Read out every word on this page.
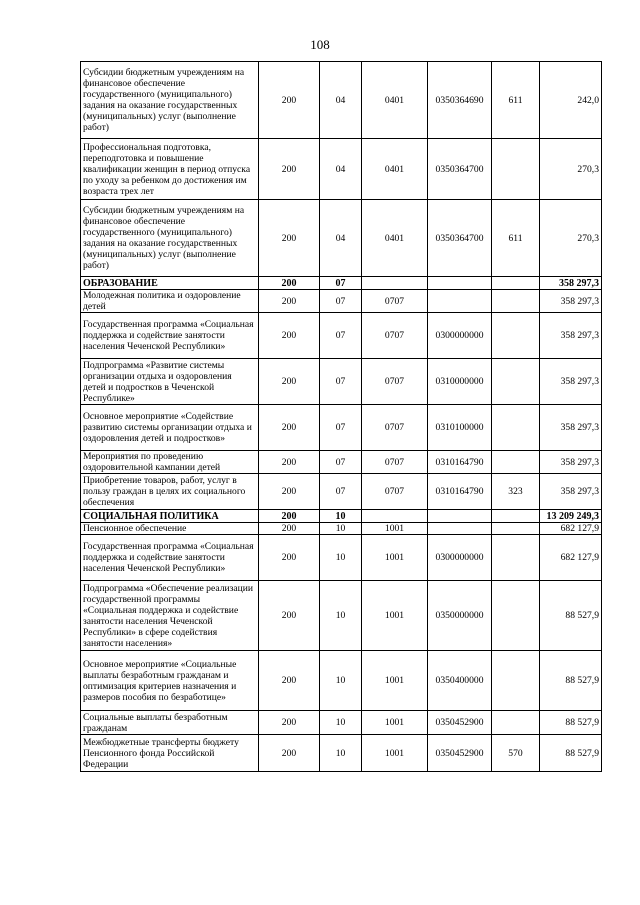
108
Субсидии бюджетным учреждениям на финансовое обеспечение государственного (муниципального) задания на оказание государственных (муниципальных) услуг (выполнение работ)	200	04	0401	0350364690	611	242,0
Профессиональная подготовка, переподготовка и повышение квалификации женщин в период отпуска по уходу за ребенком до достижения им возраста трех лет	200	04	0401	0350364700		270,3
Субсидии бюджетным учреждениям на финансовое обеспечение государственного (муниципального) задания на оказание государственных (муниципальных) услуг (выполнение работ)	200	04	0401	0350364700	611	270,3
ОБРАЗОВАНИЕ	200	07				358 297,3
Молодежная политика и оздоровление детей	200	07	0707			358 297,3
Государственная программа «Социальная поддержка и содействие занятости населения Чеченской Республики»	200	07	0707	0300000000		358 297,3
Подпрограмма «Развитие системы организации отдыха и оздоровления детей и подростков в Чеченской Республике»	200	07	0707	0310000000		358 297,3
Основное мероприятие «Содействие развитию системы организации отдыха и оздоровления детей и подростков»	200	07	0707	0310100000		358 297,3
Мероприятия по проведению оздоровительной кампании детей	200	07	0707	0310164790		358 297,3
Приобретение товаров, работ, услуг в пользу граждан в целях их социального обеспечения	200	07	0707	0310164790	323	358 297,3
СОЦИАЛЬНАЯ ПОЛИТИКА	200	10				13 209 249,3
Пенсионное обеспечение	200	10	1001			682 127,9
Государственная программа «Социальная поддержка и содействие занятости населения Чеченской Республики»	200	10	1001	0300000000		682 127,9
Подпрограмма «Обеспечение реализации государственной программы «Социальная поддержка и содействие занятости населения Чеченской Республики» в сфере содействия занятости населения»	200	10	1001	0350000000		88 527,9
Основное мероприятие «Социальные выплаты безработным гражданам и оптимизация критериев назначения и размеров пособия по безработице»	200	10	1001	0350400000		88 527,9
Социальные выплаты безработным гражданам	200	10	1001	0350452900		88 527,9
Межбюджетные трансферты бюджету Пенсионного фонда Российской Федерации	200	10	1001	0350452900	570	88 527,9
